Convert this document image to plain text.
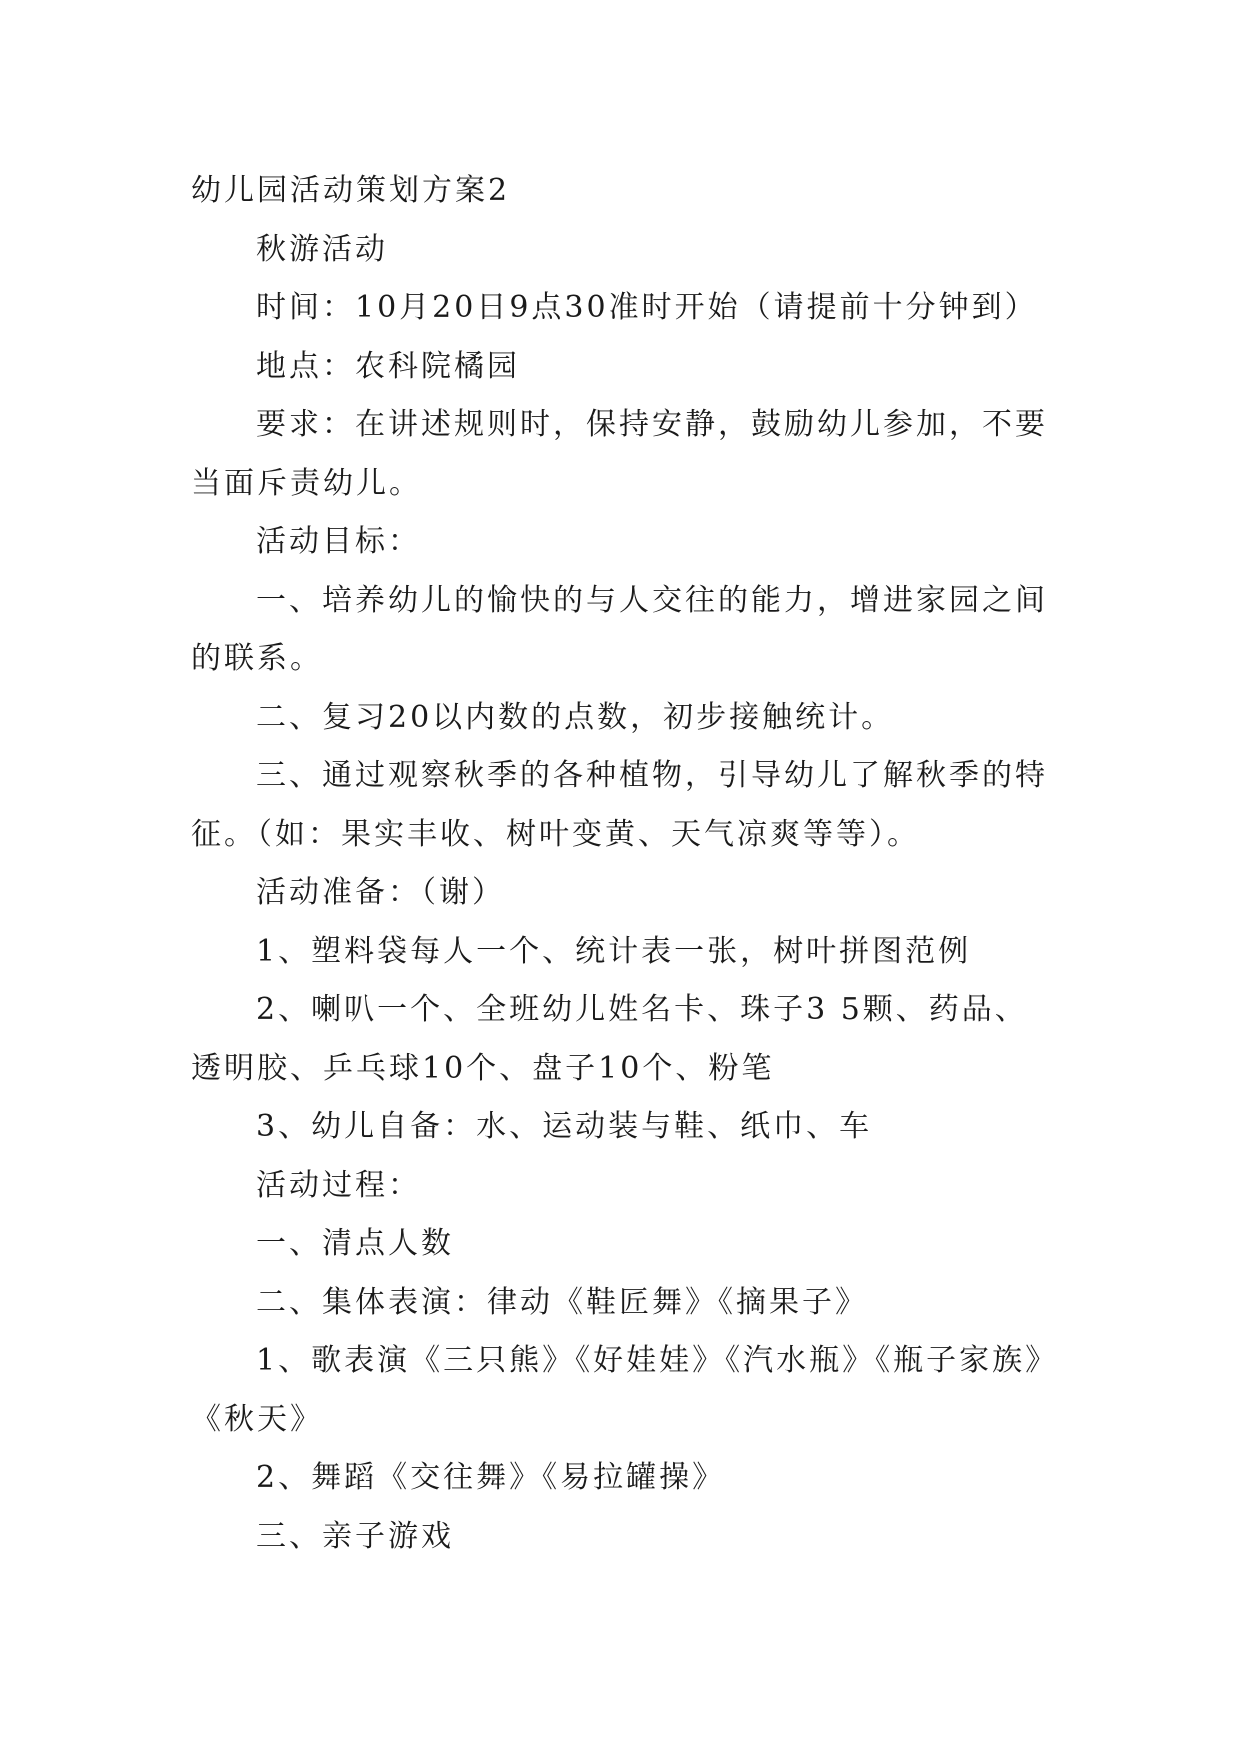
幼儿园活动策划方案2

秋游活动

时间：10月20日9点30准时开始（请提前十分钟到）

地点：农科院橘园

要求：在讲述规则时，保持安静，鼓励幼儿参加，不要

当面斥责幼儿。

活动目标：

一、培养幼儿的愉快的与人交往的能力，增进家园之间

的联系。

二、复习20以内数的点数，初步接触统计。

三、通过观察秋季的各种植物，引导幼儿了解秋季的特

征。（如：果实丰收、树叶变黄、天气凉爽等等）。

活动准备：（谢）

1、塑料袋每人一个、统计表一张，树叶拼图范例

2、喇叭一个、全班幼儿姓名卡、珠子3 5颗、药品、

透明胶、乒乓球10个、盘子10个、粉笔

3、幼儿自备：水、运动装与鞋、纸巾、车

活动过程：

一、清点人数

二、集体表演：律动《鞋匠舞》《摘果子》

1、歌表演《三只熊》《好娃娃》《汽水瓶》《瓶子家族》

《秋天》

2、舞蹈《交往舞》《易拉罐操》

三、亲子游戏
